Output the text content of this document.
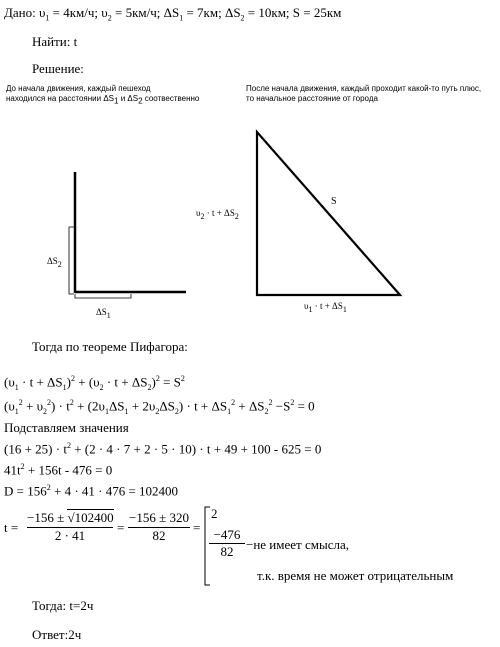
Дано: $\upsilon_1 = 4км/ч$; $\upsilon_2 = 5км/ч$; $\Delta S_1 = 7км$; $\Delta S_2 = 10км$; S = 25км
Найти: t
Решение:
До начала движения, каждый пешеход
находился на расстоянии $\Delta S_1$ и $\Delta S_2$ соотвественно
После начала движения, каждый проходит какой-то путь плюс,
то начальное расстояние от города
$\Delta S_2$
$\Delta S_1$
S
$\upsilon_2 \cdot t + \Delta S_2$
$\upsilon_1 \cdot t + \Delta S_1$
Тогда по теореме Пифагора:
$(\upsilon_1 \cdot t + \Delta S_1)^2 + (\upsilon_2 \cdot t + \Delta S_2)^2 = S^2$
$(\upsilon_1^2 + \upsilon_2^2) \cdot t^2 + (2\upsilon_1\Delta S_1 + 2\upsilon_2\Delta S_2) \cdot t + \Delta S_1^2 + \Delta S_2^2 -S^2 = 0$
Подставляем значения
$(16 + 25) \cdot t^2 + (2 \cdot 4 \cdot 7 + 2 \cdot 5 \cdot 10) \cdot t + 49 + 100 - 625 = 0$
$41t^2 + 156t - 476 = 0$
$D = 156^2 + 4 \cdot 41 \cdot 476 = 102400$
$t = \frac{-156 \pm √102400}{2 \cdot 41} = \frac{-156 \pm 320}{82}$ =
2
$\frac{-476}{82} -не$ имеет смысла,
т.к. время не может отрицательным
Тогда: t=2ч
Ответ:2ч
